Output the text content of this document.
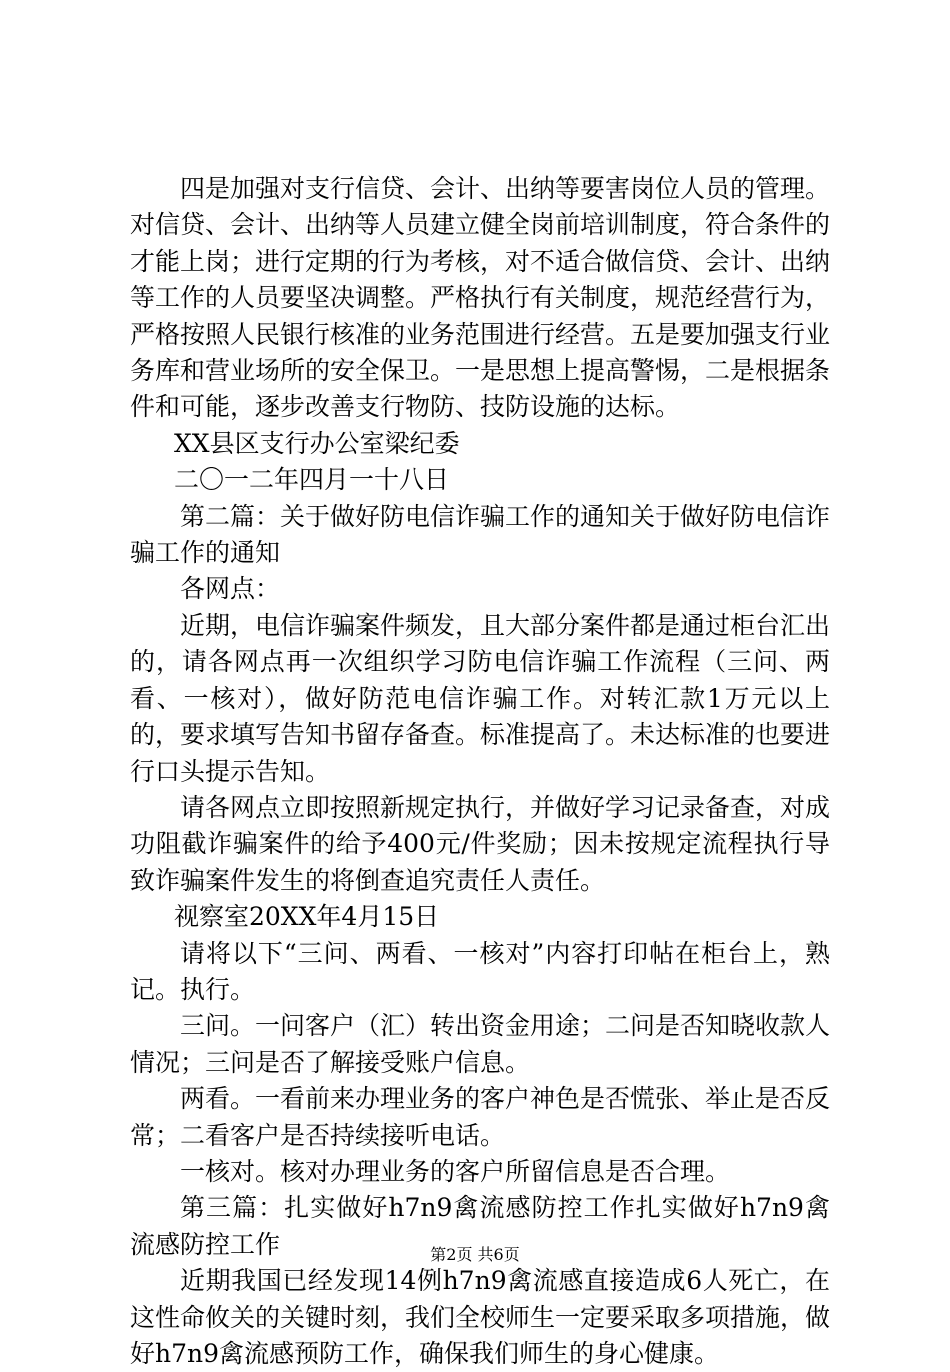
四是加强对支行信贷、会计、出纳等要害岗位人员的管理。对信贷、会计、出纳等人员建立健全岗前培训制度，符合条件的才能上岗；进行定期的行为考核，对不适合做信贷、会计、出纳等工作的人员要坚决调整。严格执行有关制度，规范经营行为，严格按照人民银行核准的业务范围进行经营。五是要加强支行业务库和营业场所的安全保卫。一是思想上提高警惕，二是根据条件和可能，逐步改善支行物防、技防设施的达标。

XX县区支行办公室梁纪委

二〇一二年四月一十八日

第二篇：关于做好防电信诈骗工作的通知关于做好防电信诈骗工作的通知

各网点：

近期，电信诈骗案件频发，且大部分案件都是通过柜台汇出的，请各网点再一次组织学习防电信诈骗工作流程（三问、两看、一核对），做好防范电信诈骗工作。对转汇款1万元以上的，要求填写告知书留存备查。标准提高了。未达标准的也要进行口头提示告知。

请各网点立即按照新规定执行，并做好学习记录备查，对成功阻截诈骗案件的给予400元/件奖励；因未按规定流程执行导致诈骗案件发生的将倒查追究责任人责任。

视察室20XX年4月15日

请将以下“三问、两看、一核对”内容打印帖在柜台上，熟记。执行。

三问。一问客户（汇）转出资金用途；二问是否知晓收款人情况；三问是否了解接受账户信息。

两看。一看前来办理业务的客户神色是否慌张、举止是否反常；二看客户是否持续接听电话。

一核对。核对办理业务的客户所留信息是否合理。

第三篇：扎实做好h7n9禽流感防控工作扎实做好h7n9禽流感防控工作

近期我国已经发现14例h7n9禽流感直接造成6人死亡，在这性命攸关的关键时刻，我们全校师生一定要采取多项措施，做好h7n9禽流感预防工作，确保我们师生的身心健康。

第2页 共6页
